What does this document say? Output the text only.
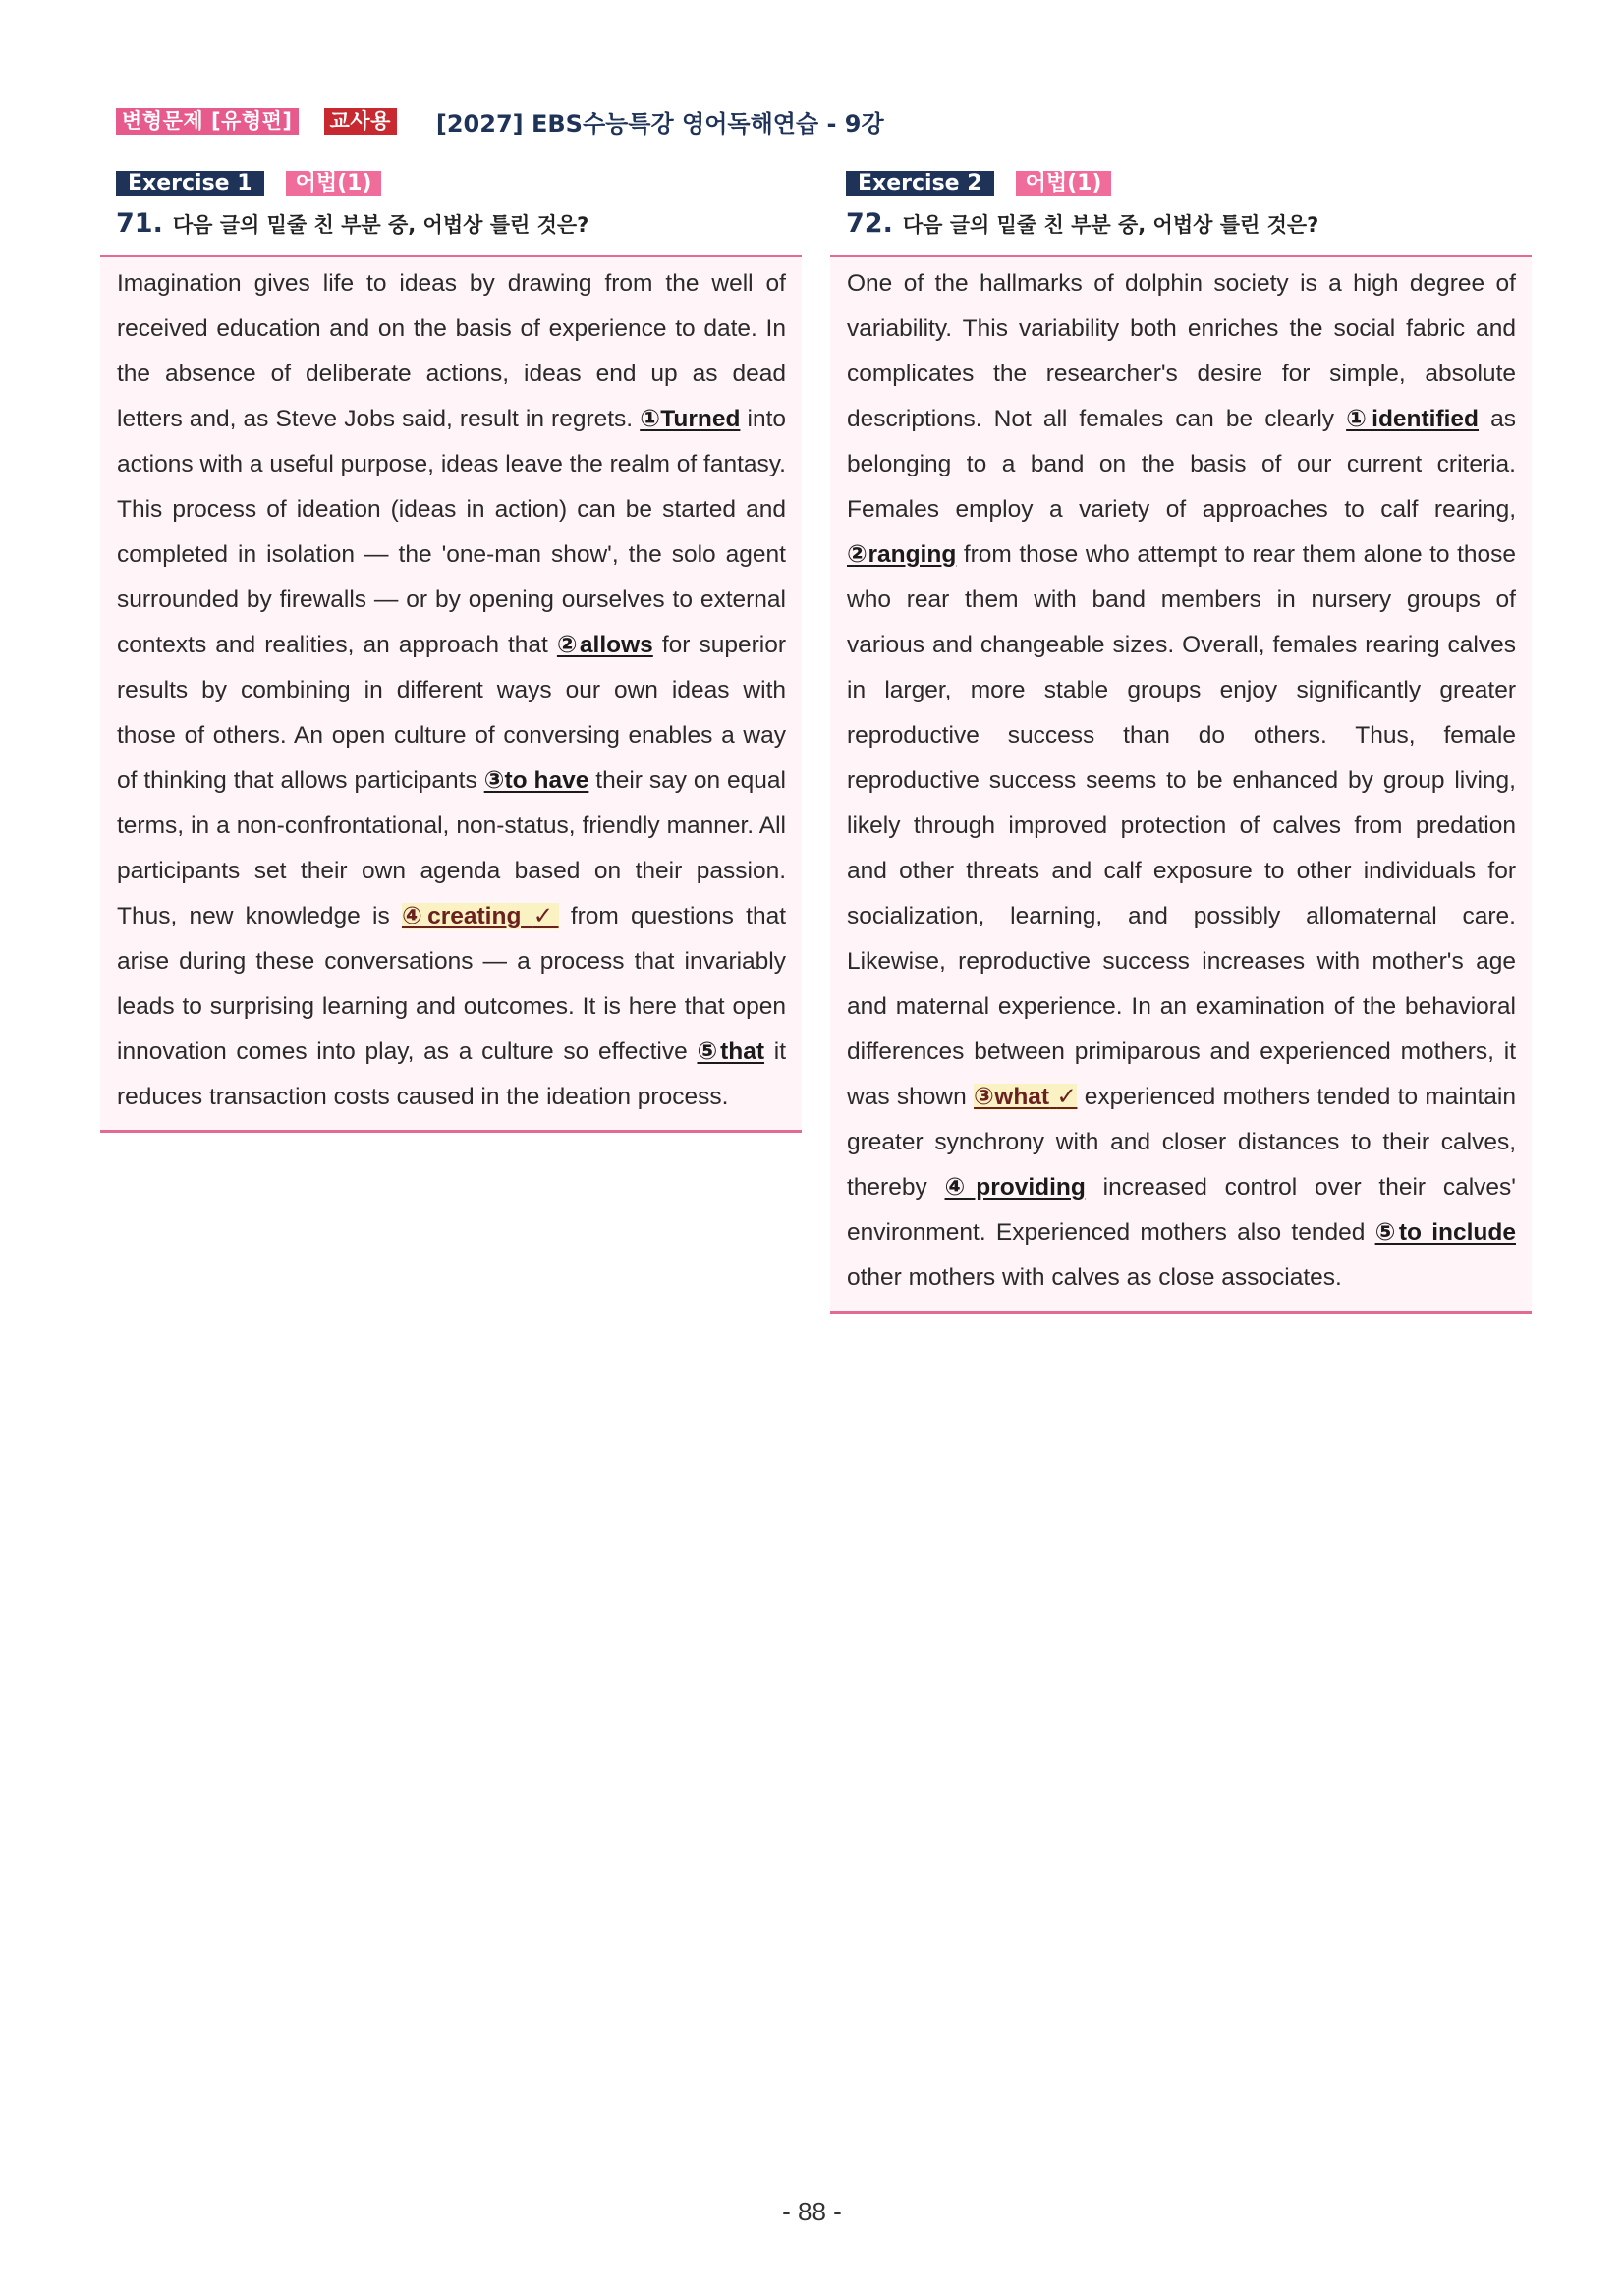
변형문제 [유형편] 교사용 [2027] EBS수능특강 영어독해연습 - 9강
Exercise 1	어법(1)
71. 다음 글의 밑줄 친 부분 중, 어법상 틀린 것은?
Imagination gives life to ideas by drawing from the well of received education and on the basis of experience to date. In the absence of deliberate actions, ideas end up as dead letters and, as Steve Jobs said, result in regrets. ①Turned into actions with a useful purpose, ideas leave the realm of fantasy. This process of ideation (ideas in action) can be started and completed in isolation — the 'one-man show', the solo agent surrounded by firewalls — or by opening ourselves to external contexts and realities, an approach that ②allows for superior results by combining in different ways our own ideas with those of others. An open culture of conversing enables a way of thinking that allows participants ③to have their say on equal terms, in a non-confrontational, non-status, friendly manner. All participants set their own agenda based on their passion. Thus, new knowledge is ④creating ✓ from questions that arise during these conversations — a process that invariably leads to surprising learning and outcomes. It is here that open innovation comes into play, as a culture so effective ⑤that it reduces transaction costs caused in the ideation process.
Exercise 2	어법(1)
72. 다음 글의 밑줄 친 부분 중, 어법상 틀린 것은?
One of the hallmarks of dolphin society is a high degree of variability. This variability both enriches the social fabric and complicates the researcher's desire for simple, absolute descriptions. Not all females can be clearly ①identified as belonging to a band on the basis of our current criteria. Females employ a variety of approaches to calf rearing, ②ranging from those who attempt to rear them alone to those who rear them with band members in nursery groups of various and changeable sizes. Overall, females rearing calves in larger, more stable groups enjoy significantly greater reproductive success than do others. Thus, female reproductive success seems to be enhanced by group living, likely through improved protection of calves from predation and other threats and calf exposure to other individuals for socialization, learning, and possibly allomaternal care. Likewise, reproductive success increases with mother's age and maternal experience. In an examination of the behavioral differences between primiparous and experienced mothers, it was shown ③what ✓ experienced mothers tended to maintain greater synchrony with and closer distances to their calves, thereby ④providing increased control over their calves' environment. Experienced mothers also tended ⑤to include other mothers with calves as close associates.
- 88 -
